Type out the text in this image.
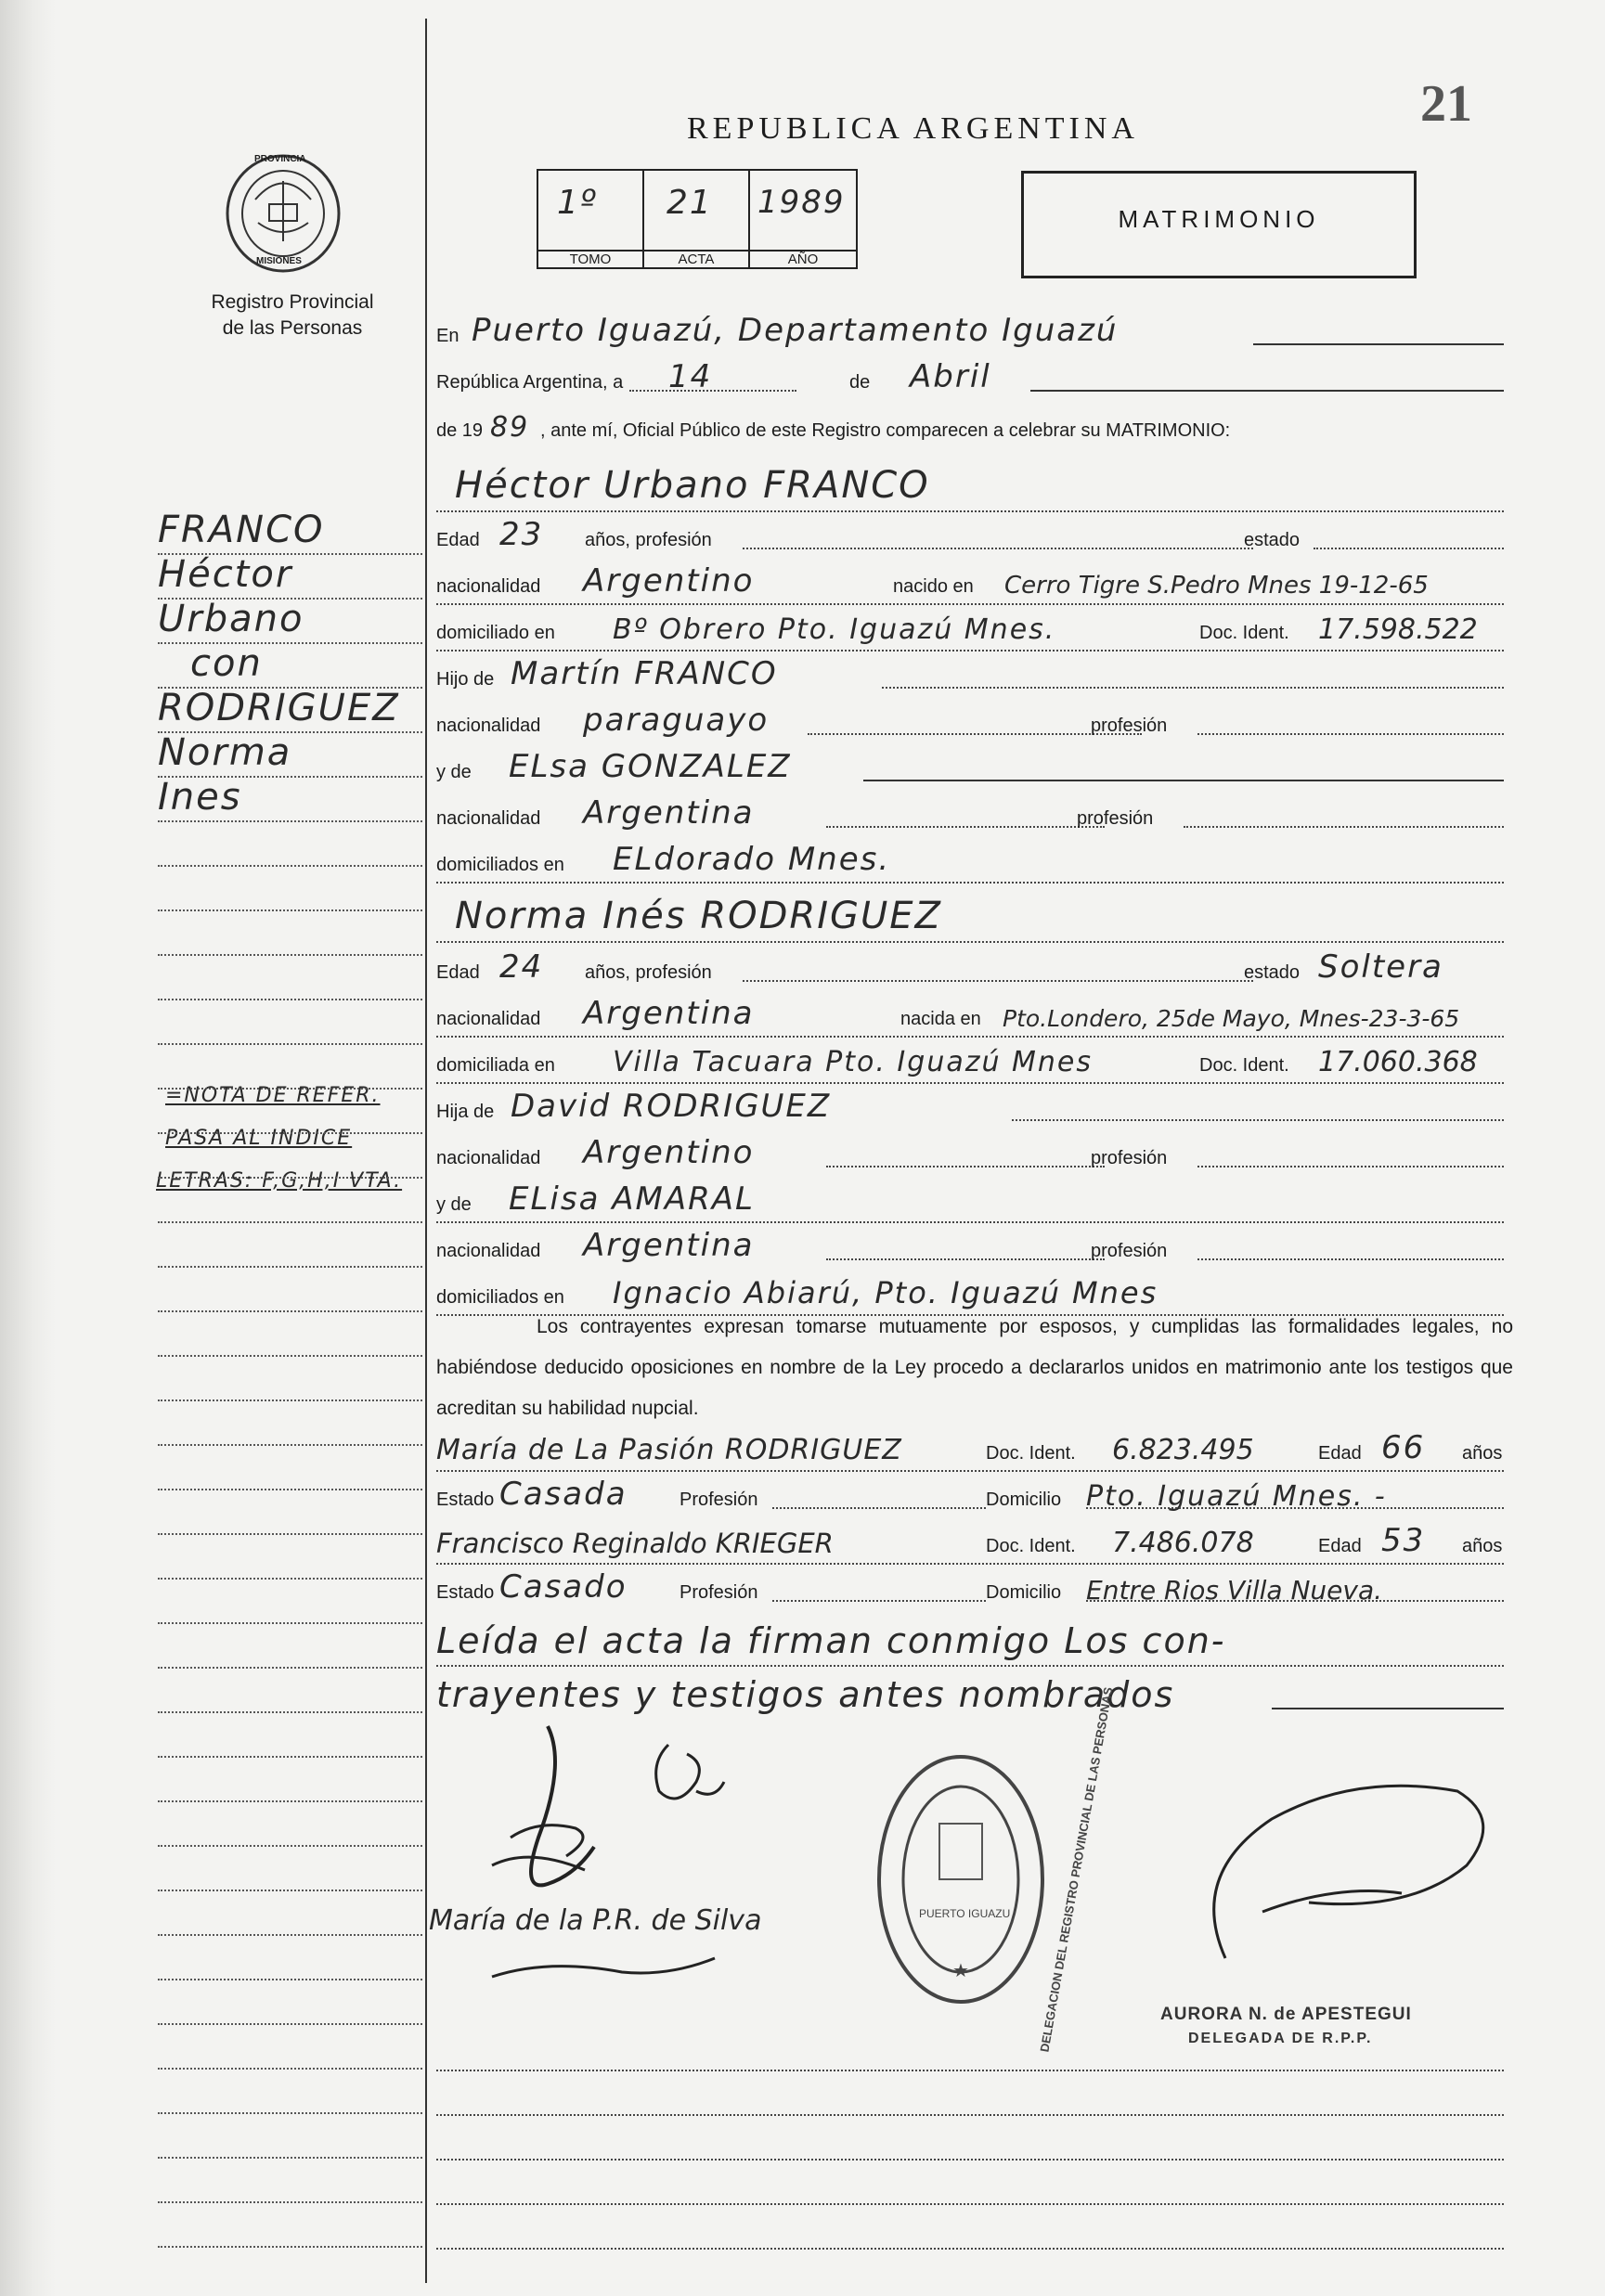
21
PROVINCIA
MISIONES
Registro Provincial
de las Personas
REPUBLICA ARGENTINA
1º
TOMO
21
ACTA
1989
AÑO
MATRIMONIO
FRANCO
Héctor
Urbano
con
RODRIGUEZ
Norma
Ines
=NOTA DE REFER.
PASA AL INDICE
LETRAS: F,G,H,I VTA.
En Puerto Iguazú, Departamento Iguazú
República Argentina, a 14	de Abril
de 19 89 , ante mí, Oficial Público de este Registro comparecen a celebrar su MATRIMONIO:
Héctor Urbano FRANCO
Edad 23 años, profesión	estado
nacionalidad Argentino	nacido en Cerro Tigre S.Pedro Mnes 19-12-65
domiciliado en Bº Obrero Pto. Iguazú Mnes.	Doc. Ident. 17.598.522
Hijo de Martín FRANCO
nacionalidad paraguayo	profesión
y de ELsa GONZALEZ
nacionalidad Argentina	profesión
domiciliados en ELdorado Mnes.
Norma Inés RODRIGUEZ
Edad 24 años, profesión	estado Soltera
nacionalidad Argentina	nacida en Pto.Londero, 25de Mayo, Mnes-23-3-65
domiciliada en Villa Tacuara Pto. Iguazú Mnes	Doc. Ident. 17.060.368
Hija de David RODRIGUEZ
nacionalidad Argentino	profesión
y de ELisa AMARAL
nacionalidad Argentina	profesión
domiciliados en Ignacio Abiarú, Pto. Iguazú Mnes
Los contrayentes expresan tomarse mutuamente por esposos, y cumplidas las formalidades legales, no habiéndose deducido oposiciones en nombre de la Ley procedo a declararlos unidos en matrimonio ante los testigos que acreditan su habilidad nupcial.
María de La Pasión RODRIGUEZ	Doc. Ident. 6.823.495	Edad 66 años
Estado Casada	Profesión	Domicilio Pto. Iguazú Mnes. -
Francisco Reginaldo KRIEGER	Doc. Ident. 7.486.078	Edad 53 años
Estado Casado	Profesión	Domicilio Entre Rios Villa Nueva.
Leída el acta la firman conmigo Los con-
trayentes y testigos antes nombrados
María de la P.R. de Silva
★	DELEGACION DEL REGISTRO PROVINCIAL DE LAS PERSONAS
PUERTO IGUAZU
AURORA N. de APESTEGUI
DELEGADA DE R.P.P.
